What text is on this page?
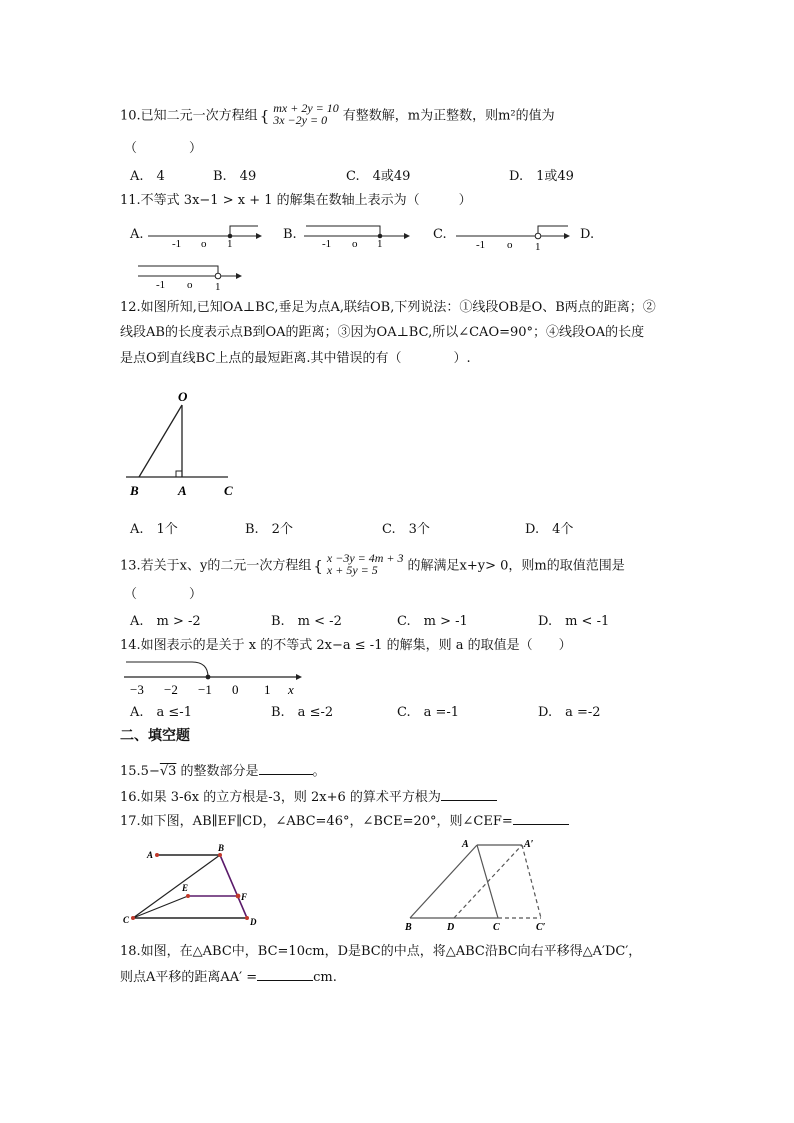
10.已知二元一次方程组 { mx + 2y = 10
3x −2y = 0 有整数解，m为正整数，则m²的值为
（　　　　）
A.　4	B.　49	C.　4或49	D.　1或49
11.不等式 3x−1 > x + 1 的解集在数轴上表示为（　　　）
A.	B.	C.	D.
-1 o 1	-1 o 1	-1 o 1
-1 o 1
12.如图所知,已知OA⊥BC,垂足为点A,联结OB,下列说法：①线段OB是O、B两点的距离；②
线段AB的长度表示点B到OA的距离；③因为OA⊥BC,所以∠CAO=90°；④线段OA的长度
是点O到直线BC上点的最短距离.其中错误的有（　　　　）.
O
B	A	C
A.　1个	B.　2个	C.　3个	D.　4个
13.若关于x、y的二元一次方程组 { x −3y = 4m + 3
x + 5y = 5 的解满足x+y> 0，则m的取值范围是
（　　　　）
A.　m > -2	B.　m < -2	C.　m > -1	D.　m < -1
14.如图表示的是关于 x 的不等式 2x−a ≤ -1 的解集，则 a 的取值是（　　）
−3 −2 −1 0 1 x
A.　a ≤-1	B.　a ≤-2	C.　a =-1	D.　a =-2
二、填空题
15.5−√3 的整数部分是	。
16.如果 3-6x 的立方根是-3，则 2x+6 的算术平方根为
17.如下图，AB∥EF∥CD，∠ABC=46°，∠BCE=20°，则∠CEF=
A
B
E
F
C	D
A	A′
B	D	C	C′
18.如图，在△ABC中，BC=10cm，D是BC的中点，将△ABC沿BC向右平移得△A′DC′，
则点A平移的距离AA′ =	cm.
